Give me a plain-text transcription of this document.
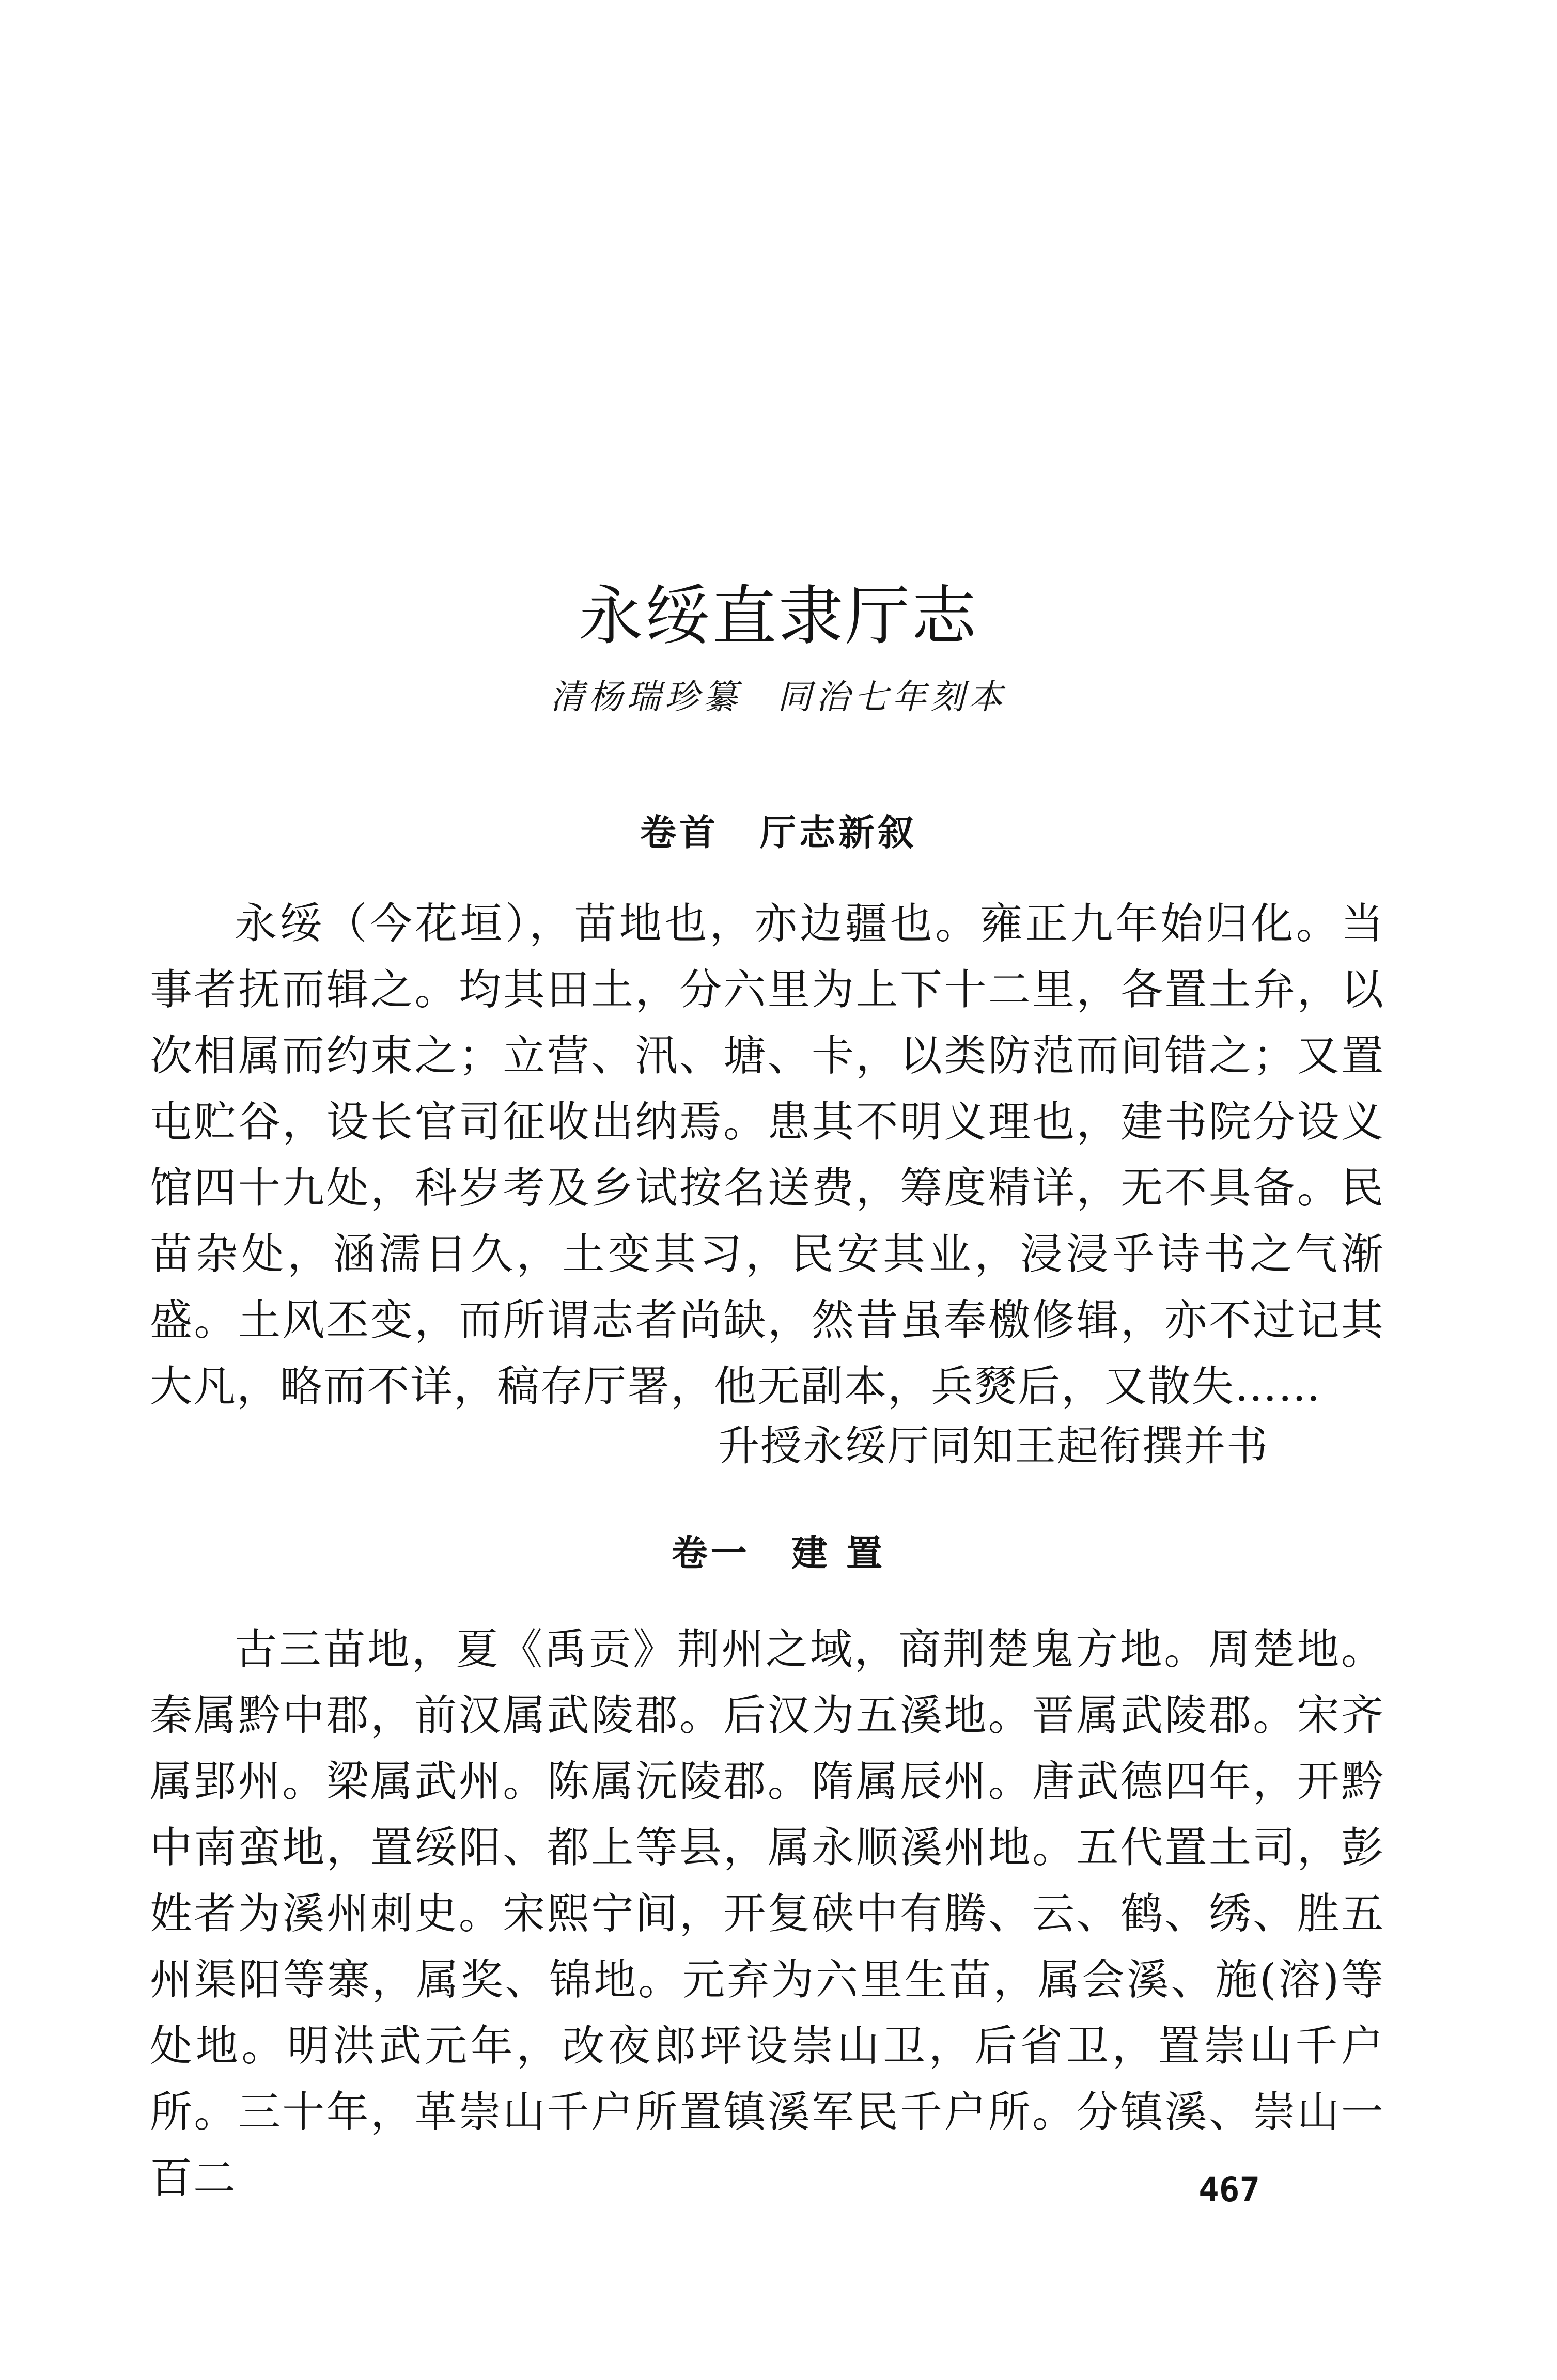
永绥直隶厅志
清杨瑞珍纂 同治七年刻本
卷首 厅志新叙

永绥（今花垣），苗地也，亦边疆也。雍正九年始归化。当事者抚而辑之。均其田土，分六里为上下十二里，各置土弁，以次相属而约束之；立营、汛、塘、卡，以类防范而间错之；又置屯贮谷，设长官司征收出纳焉。患其不明义理也，建书院分设义馆四十九处，科岁考及乡试按名送费，筹度精详，无不具备。民苗杂处，涵濡日久，土变其习，民安其业，浸浸乎诗书之气渐盛。土风丕变，而所谓志者尚缺，然昔虽奉檄修辑，亦不过记其大凡，略而不详，稿存厅署，他无副本，兵燹后，又散失……

升授永绥厅同知王起衔撰并书
卷一 建 置

古三苗地，夏《禹贡》荆州之域，商荆楚鬼方地。周楚地。秦属黔中郡，前汉属武陵郡。后汉为五溪地。晋属武陵郡。宋齐属郢州。梁属武州。陈属沅陵郡。隋属辰州。唐武德四年，开黔中南蛮地，置绥阳、都上等县，属永顺溪州地。五代置土司，彭姓者为溪州刺史。宋熙宁间，开复硖中有腾、云、鹤、绣、胜五州渠阳等寨，属奖、锦地。元弃为六里生苗，属会溪、施(溶)等处地。明洪武元年，改夜郎坪设崇山卫，后省卫，置崇山千户所。三十年，革崇山千户所置镇溪军民千户所。分镇溪、崇山一百二	467
